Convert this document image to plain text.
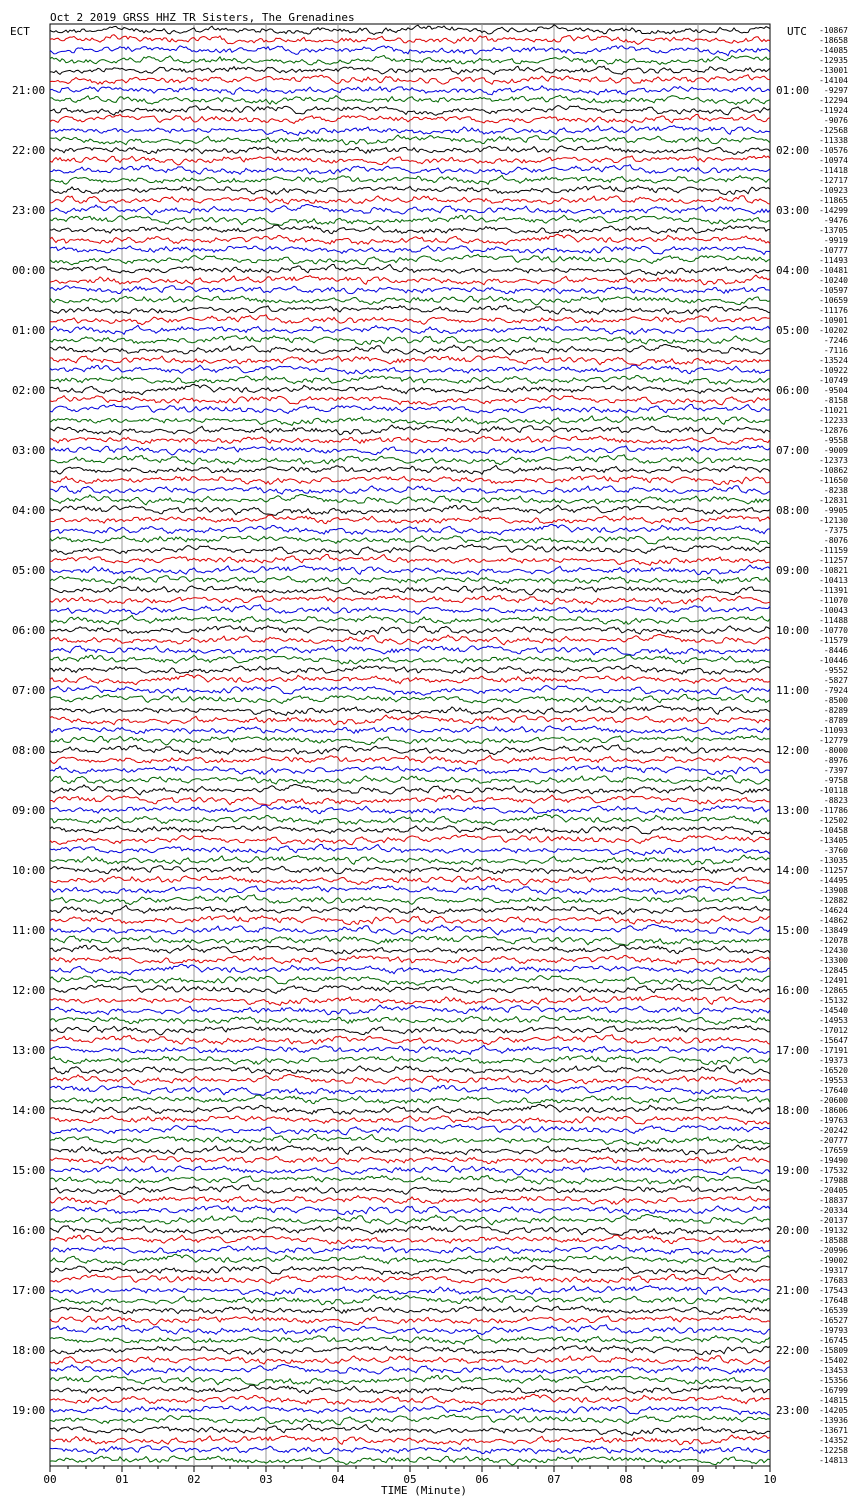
Oct 2 2019 GRSS HHZ TR Sisters, The Grenadines
ECT	UTC
TIME (Minute)
00	01	02	03	04	05	06	07	08	09	10
-10867
-18658
-14085
-12935
-13001
-14104
-9297
-12294
-11924
-9076
-12568
-11338
-10576
-10974
-11418
-12717
-10923
-11865
-14299
-9476
-13705
-9919
-10777
-11493
-10481
-10240
-10597
-10659
-11176
-10901
-10202
-7246
-7116
-13524
-10922
-10749
-9504
-8158
-11021
-12233
-12876
-9558
-9009
-12373
-10862
-11650
-8238
-12831
-9905
-12130
-7375
-8076
-11159
-11257
-10821
-10413
-11391
-11070
-10043
-11488
-10770
-11579
-8446
-10446
-9552
-5827
-7924
-8500
-8289
-8789
-11093
-12779
-8000
-8976
-7397
-9758
-10118
-8823
-11786
-12502
-10458
-13405
-3760
-13035
-11257
-14495
-13908
-12882
-14624
-14862
-13849
-12078
-12430
-13300
-12845
-12491
-12865
-15132
-14540
-14953
-17012
-15647
-17191
-19373
-16520
-19553
-17640
-20600
-18606
-19763
-20242
-20777
-17659
-19490
-17532
-17988
-20405
-18837
-20334
-20137
-19132
-18588
-20996
-19002
-19317
-17683
-17543
-17648
-16539
-16527
-19793
-16745
-15809
-15402
-13453
-15356
-16799
-14815
-14205
-13936
-13671
-14352
-12258
-14813
21:00
22:00
23:00
00:00
01:00
02:00
03:00
04:00
05:00
06:00
07:00
08:00
09:00
10:00
11:00
12:00
13:00
14:00
15:00
16:00
17:00
18:00
19:00
01:00
02:00
03:00
04:00
05:00
06:00
07:00
08:00
09:00
10:00
11:00
12:00
13:00
14:00
15:00
16:00
17:00
18:00
19:00
20:00
21:00
22:00
23:00
